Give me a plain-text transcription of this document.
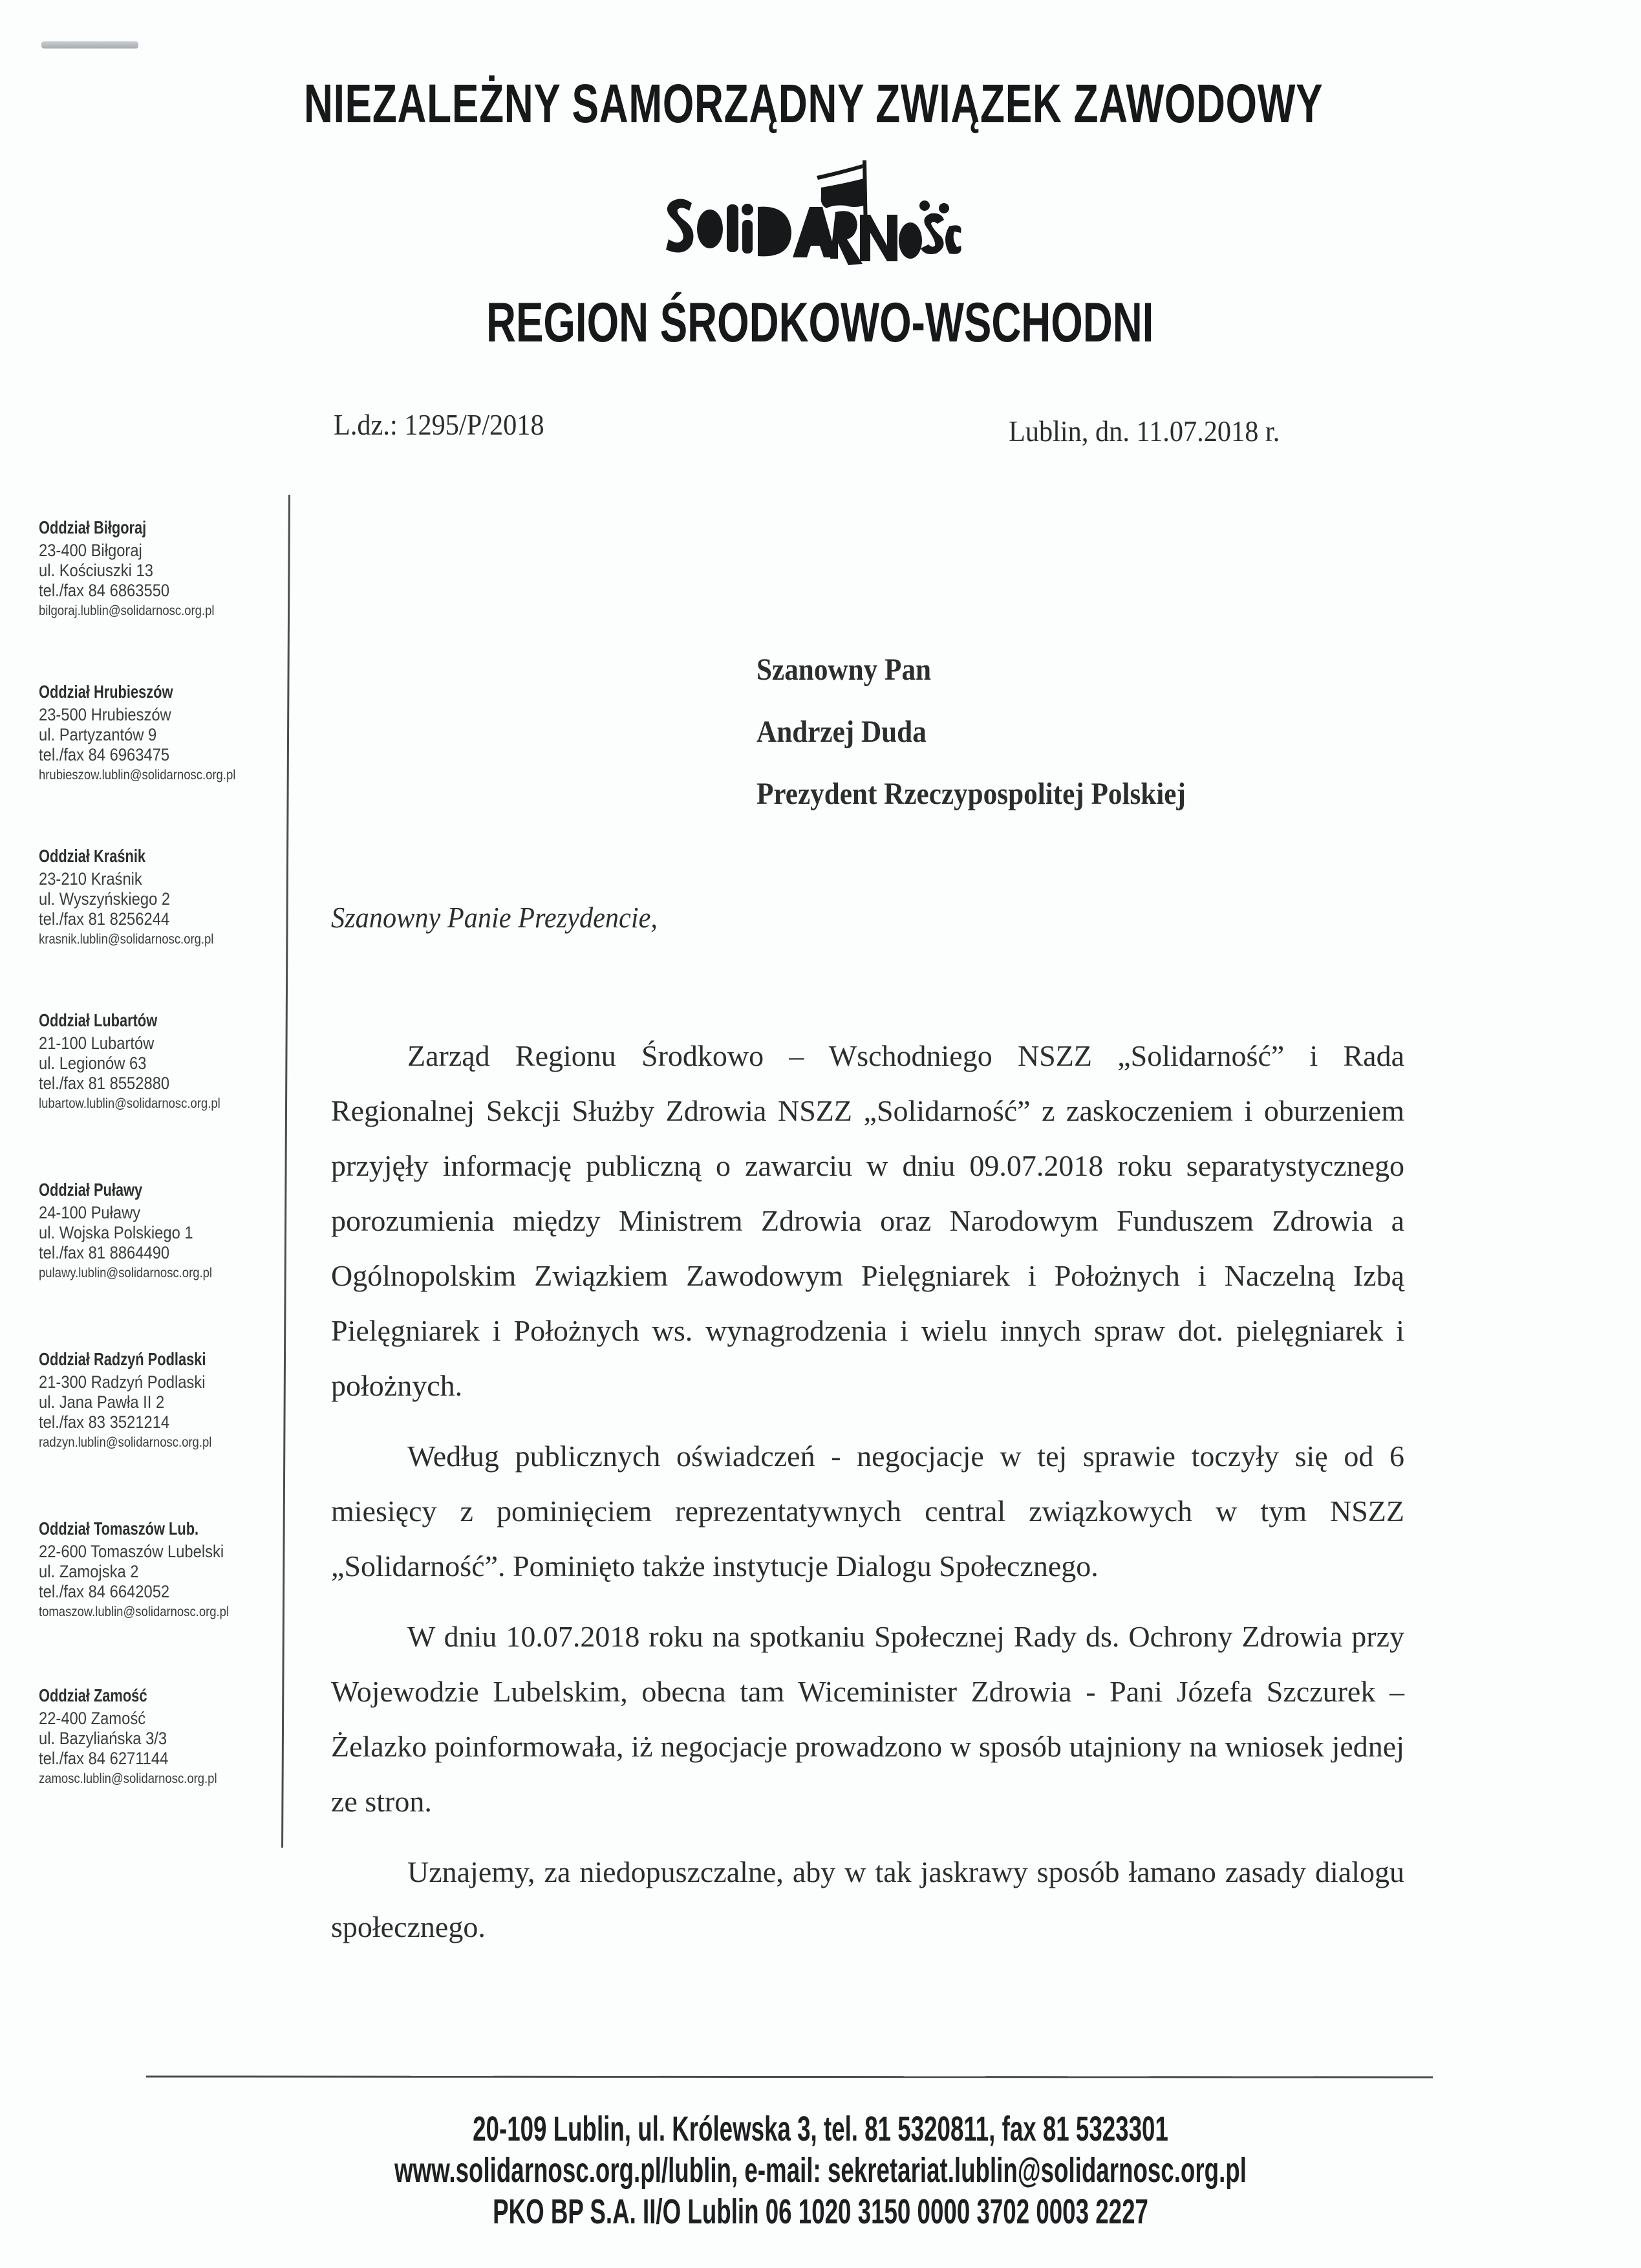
NIEZALEŻNY SAMORZĄDNY ZWIĄZEK ZAWODOWY
REGION ŚRODKOWO-WSCHODNI
L.dz.: 1295/P/2018	Lublin, dn. 11.07.2018 r.
Oddział Biłgoraj
23-400 Biłgoraj
ul. Kościuszki 13
tel./fax 84 6863550
bilgoraj.lublin@solidarnosc.org.pl
Oddział Hrubieszów
23-500 Hrubieszów
ul. Partyzantów 9
tel./fax 84 6963475
hrubieszow.lublin@solidarnosc.org.pl
Oddział Kraśnik
23-210 Kraśnik
ul. Wyszyńskiego 2
tel./fax 81 8256244
krasnik.lublin@solidarnosc.org.pl
Oddział Lubartów
21-100 Lubartów
ul. Legionów 63
tel./fax 81 8552880
lubartow.lublin@solidarnosc.org.pl
Oddział Puławy
24-100 Puławy
ul. Wojska Polskiego 1
tel./fax 81 8864490
pulawy.lublin@solidarnosc.org.pl
Oddział Radzyń Podlaski
21-300 Radzyń Podlaski
ul. Jana Pawła II 2
tel./fax 83 3521214
radzyn.lublin@solidarnosc.org.pl
Oddział Tomaszów Lub.
22-600 Tomaszów Lubelski
ul. Zamojska 2
tel./fax 84 6642052
tomaszow.lublin@solidarnosc.org.pl
Oddział Zamość
22-400 Zamość
ul. Bazyliańska 3/3
tel./fax 84 6271144
zamosc.lublin@solidarnosc.org.pl
Szanowny Pan
Andrzej Duda
Prezydent Rzeczypospolitej Polskiej
Szanowny Panie Prezydencie,

Zarząd Regionu Środkowo – Wschodniego NSZZ „Solidarność” i Rada Regionalnej Sekcji Służby Zdrowia NSZZ „Solidarność” z zaskoczeniem i oburzeniem przyjęły informację publiczną o zawarciu w dniu 09.07.2018 roku separatystycznego porozumienia między Ministrem Zdrowia oraz Narodowym Funduszem Zdrowia a Ogólnopolskim Związkiem Zawodowym Pielęgniarek i Położnych i Naczelną Izbą Pielęgniarek i Położnych ws. wynagrodzenia i wielu innych spraw dot. pielęgniarek i położnych.

Według publicznych oświadczeń - negocjacje w tej sprawie toczyły się od 6 miesięcy z pominięciem reprezentatywnych central związkowych w tym NSZZ „Solidarność”. Pominięto także instytucje Dialogu Społecznego.

W dniu 10.07.2018 roku na spotkaniu Społecznej Rady ds. Ochrony Zdrowia przy Wojewodzie Lubelskim, obecna tam Wiceminister Zdrowia - Pani Józefa Szczurek – Żelazko poinformowała, iż negocjacje prowadzono w sposób utajniony na wniosek jednej ze stron.

Uznajemy, za niedopuszczalne, aby w tak jaskrawy sposób łamano zasady dialogu społecznego.

20-109 Lublin, ul. Królewska 3, tel. 81 5320811, fax 81 5323301
www.solidarnosc.org.pl/lublin, e-mail: sekretariat.lublin@solidarnosc.org.pl
PKO BP S.A. II/O Lublin 06 1020 3150 0000 3702 0003 2227
